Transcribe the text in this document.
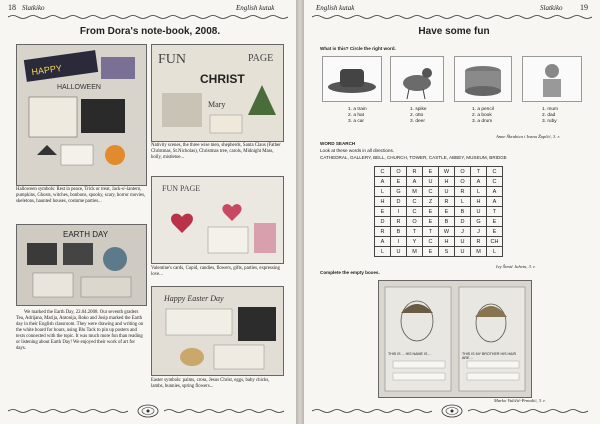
18 Slatkiko	English kutak
From Dora's note-book, 2008.
HAPPY
HALLOWEEN
FUN	PAGE
CHRIST
Mary
Nativity scenes, the three wise men, shepherds, Santa Claus (Father Christmas, St.Nicholas), Christmas tree, carols, Midnight Mass, holly, mistletoe...
Halloween symbols: Rest in peace, Trick or treat, Jack-o'-lantern, pumpkins, Ghosts, witches, bonbons, spooky, scary, horror movies, skeletons, haunted houses, costume parties...
FUN PAGE
Valentine's cards, Cupid, candies, flowers, gifts, parties, expressing love...
EARTH DAY
We marked the Earth Day, 22.04.2008. Our seventh graders Tea, Adrijana, Marija, Antonija, Roko and Josip marked the Earth day in their English classroom. They were drawing and writing on the white board for hours, using Blu Tack to pin up posters and texts connected with the topic. It was much more fun than reading or listening about Earth Day! We enjoyed their work of art for days.
Happy Easter Day
Easter symbols: palms, cross, Jesus Christ, eggs, baby chicks, lambs, bunnies, spring flowers...
English kutak	Slatkiko 19
Have some fun
What is this? Circle the right word.
1. a train
2. a hat
3. a car
1. spike
2. otto
3. deer
1. a pencil
2. a book
3. a drum
1. mum
2. dad
3. ruby
Anne Škrabica i Ivana Župčić, 3. r.
WORD SEARCH
Look at these words in all directions.
CATHEDRAL, GALLERY, BELL, CHURCH, TOWER, CASTLE, ABBEY, MUSEUM, BRIDGE
C	O	R	E	W	O	T	C
A	E	A	U	H	O	A	C
L	G	M	C	U	R	L	A
H	D	C	Z	R	L	H	A
E	I	C	E	E	B	U	T
D	R	O	E	B	D	G	E
R	B	T	T	W	J	J	E
A	I	Y	C	H	U	R	CH
L	U	M	E	S	U	M	L
Ivy Šimić Juhvin, 3. r.
Complete the empty boxes.
THIS IS ... HIS NAME IS ...	THIS IS MY BROTHER HIS HAIR ARE ...
Marko Vuličić-Prmalić, 3. r.
